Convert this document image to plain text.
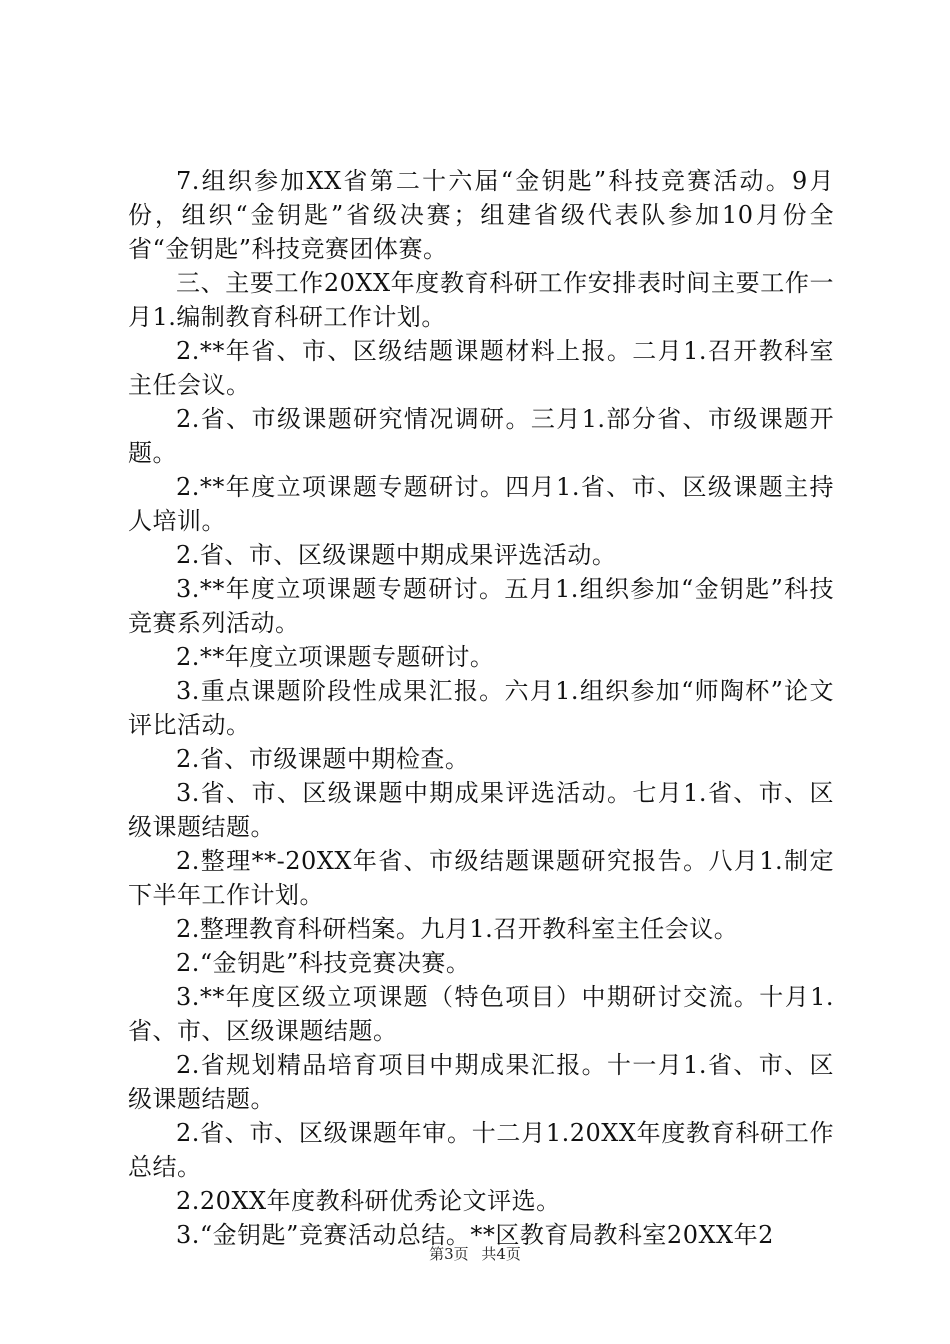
7.组织参加XX省第二十六届“金钥匙”科技竞赛活动。9月份，组织“金钥匙”省级决赛；组建省级代表队参加10月份全省“金钥匙”科技竞赛团体赛。

三、主要工作20XX年度教育科研工作安排表时间主要工作一月1.编制教育科研工作计划。

2.**年省、市、区级结题课题材料上报。二月1.召开教科室主任会议。

2.省、市级课题研究情况调研。三月1.部分省、市级课题开题。

2.**年度立项课题专题研讨。四月1.省、市、区级课题主持人培训。

2.省、市、区级课题中期成果评选活动。

3.**年度立项课题专题研讨。五月1.组织参加“金钥匙”科技竞赛系列活动。

2.**年度立项课题专题研讨。

3.重点课题阶段性成果汇报。六月1.组织参加“师陶杯”论文评比活动。

2.省、市级课题中期检查。

3.省、市、区级课题中期成果评选活动。七月1.省、市、区级课题结题。

2.整理**-20XX年省、市级结题课题研究报告。八月1.制定下半年工作计划。

2.整理教育科研档案。九月1.召开教科室主任会议。

2.“金钥匙”科技竞赛决赛。

3.**年度区级立项课题（特色项目）中期研讨交流。十月1.省、市、区级课题结题。

2.省规划精品培育项目中期成果汇报。十一月1.省、市、区级课题结题。

2.省、市、区级课题年审。十二月1.20XX年度教育科研工作总结。

2.20XX年度教科研优秀论文评选。

3.“金钥匙”竞赛活动总结。**区教育局教科室20XX年2

第3页 共4页
